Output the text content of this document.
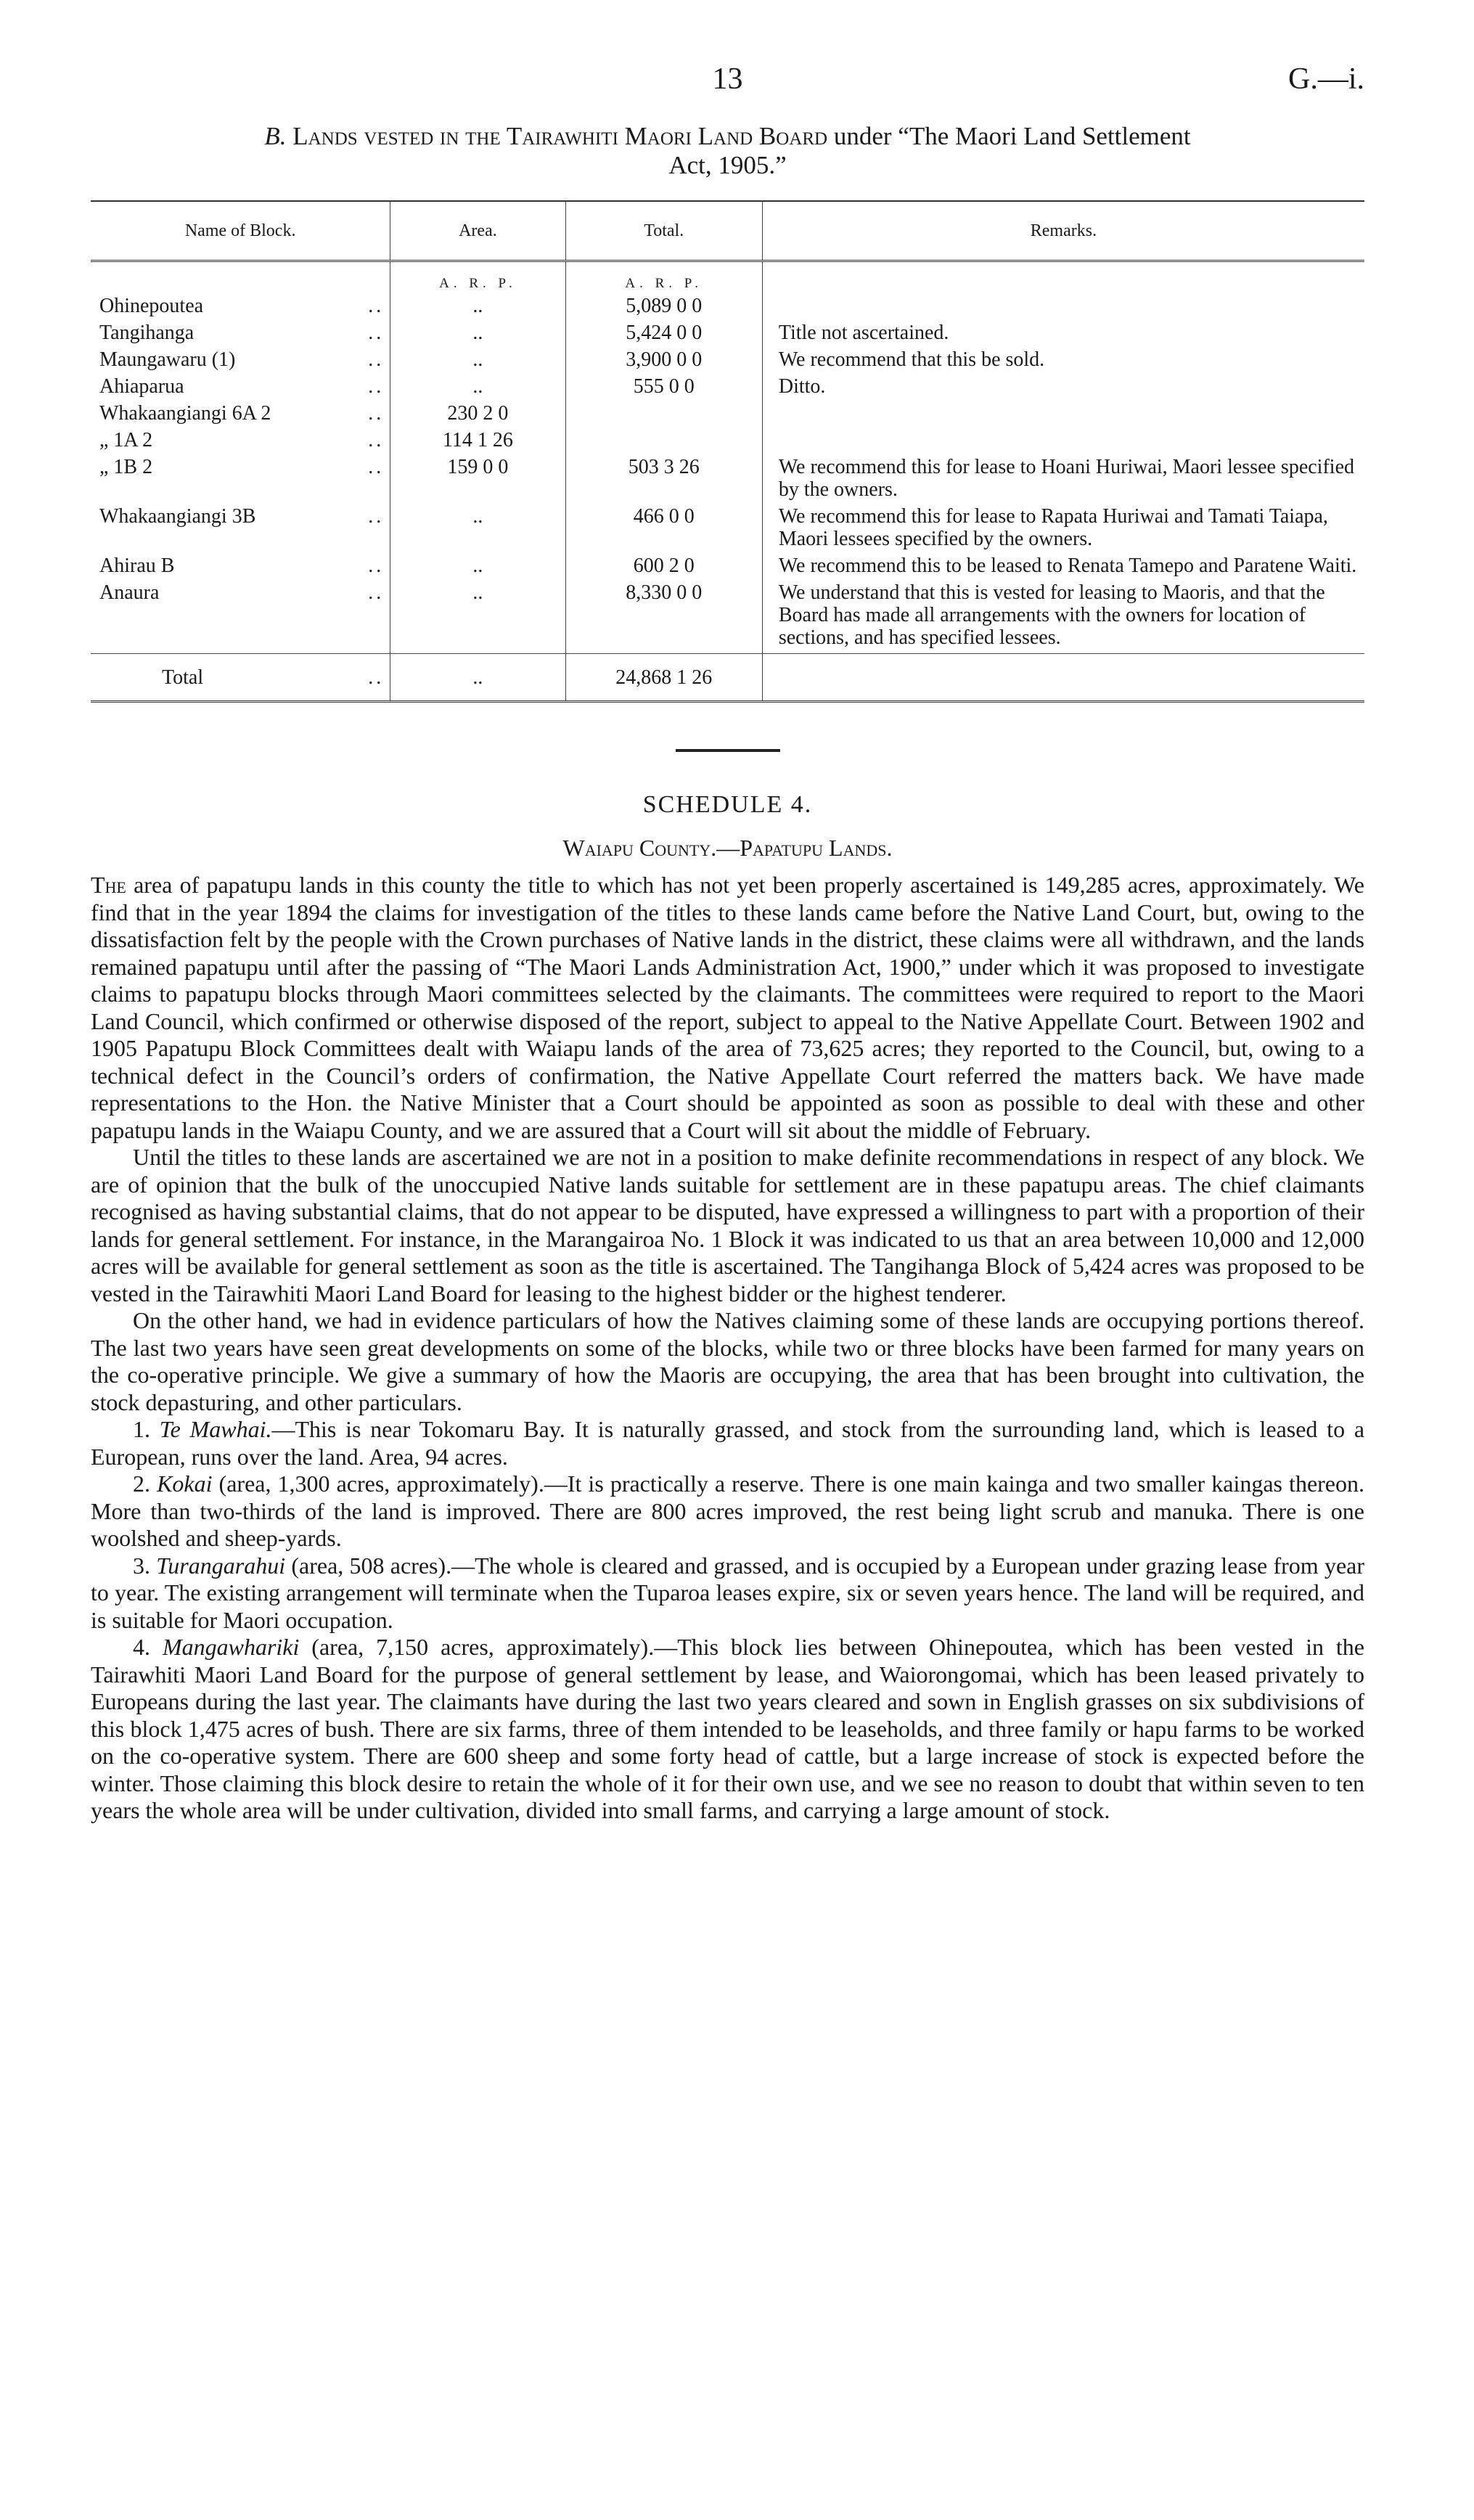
13	G.—i.
B. Lands vested in the Tairawhiti Maori Land Board under “The Maori Land Settlement
Act, 1905.”
Name of Block.	Area.	Total.	Remarks.
	A. R. P.	A. R. P.	

Ohinepoutea ..	..	5,089 0 0	

Tangihanga ..	..	5,424 0 0	Title not ascertained.

Maungawaru (1) ..	..	3,900 0 0	We recommend that this be sold.

Ahiaparua ..	..	555 0 0	Ditto.

Whakaangiangi 6A 2 ..	230 2 0		

„ 1A 2 ..	114 1 26		

„ 1B 2 ..	159 0 0	503 3 26	We recommend this for lease to Hoani Huriwai, Maori lessee specified by the owners.

Whakaangiangi 3B ..	..	466 0 0	We recommend this for lease to Rapata Huriwai and Tamati Taiapa, Maori lessees specified by the owners.

Ahirau B ..	..	600 2 0	We recommend this to be leased to Renata Tamepo and Paratene Waiti.

Anaura ..	..	8,330 0 0	We understand that this is vested for leasing to Maoris, and that the Board has made all arrangements with the owners for location of sections, and has specified lessees.

Total ..	..	24,868 1 26	
SCHEDULE 4.
Waiapu County.—Papatupu Lands.

The area of papatupu lands in this county the title to which has not yet been properly ascertained is 149,285 acres, approximately. We find that in the year 1894 the claims for investigation of the titles to these lands came before the Native Land Court, but, owing to the dissatisfaction felt by the people with the Crown purchases of Native lands in the district, these claims were all withdrawn, and the lands remained papatupu until after the passing of “The Maori Lands Administration Act, 1900,” under which it was proposed to investigate claims to papatupu blocks through Maori committees selected by the claimants. The committees were required to report to the Maori Land Council, which confirmed or otherwise disposed of the report, subject to appeal to the Native Appellate Court. Between 1902 and 1905 Papatupu Block Committees dealt with Waiapu lands of the area of 73,625 acres; they reported to the Council, but, owing to a technical defect in the Council’s orders of confirmation, the Native Appellate Court referred the matters back. We have made representations to the Hon. the Native Minister that a Court should be appointed as soon as possible to deal with these and other papatupu lands in the Waiapu County, and we are assured that a Court will sit about the middle of February.

Until the titles to these lands are ascertained we are not in a position to make definite recommendations in respect of any block. We are of opinion that the bulk of the unoccupied Native lands suitable for settlement are in these papatupu areas. The chief claimants recognised as having substantial claims, that do not appear to be disputed, have expressed a willingness to part with a proportion of their lands for general settlement. For instance, in the Marangairoa No. 1 Block it was indicated to us that an area between 10,000 and 12,000 acres will be available for general settlement as soon as the title is ascertained. The Tangihanga Block of 5,424 acres was proposed to be vested in the Tairawhiti Maori Land Board for leasing to the highest bidder or the highest tenderer.

On the other hand, we had in evidence particulars of how the Natives claiming some of these lands are occupying portions thereof. The last two years have seen great developments on some of the blocks, while two or three blocks have been farmed for many years on the co-operative principle. We give a summary of how the Maoris are occupying, the area that has been brought into cultivation, the stock depasturing, and other particulars.

1. Te Mawhai.—This is near Tokomaru Bay. It is naturally grassed, and stock from the surrounding land, which is leased to a European, runs over the land. Area, 94 acres.

2. Kokai (area, 1,300 acres, approximately).—It is practically a reserve. There is one main kainga and two smaller kaingas thereon. More than two-thirds of the land is improved. There are 800 acres improved, the rest being light scrub and manuka. There is one woolshed and sheep-yards.

3. Turangarahui (area, 508 acres).—The whole is cleared and grassed, and is occupied by a European under grazing lease from year to year. The existing arrangement will terminate when the Tuparoa leases expire, six or seven years hence. The land will be required, and is suitable for Maori occupation.

4. Mangawhariki (area, 7,150 acres, approximately).—This block lies between Ohinepoutea, which has been vested in the Tairawhiti Maori Land Board for the purpose of general settlement by lease, and Waiorongomai, which has been leased privately to Europeans during the last year. The claimants have during the last two years cleared and sown in English grasses on six subdivisions of this block 1,475 acres of bush. There are six farms, three of them intended to be leaseholds, and three family or hapu farms to be worked on the co-operative system. There are 600 sheep and some forty head of cattle, but a large increase of stock is expected before the winter. Those claiming this block desire to retain the whole of it for their own use, and we see no reason to doubt that within seven to ten years the whole area will be under cultivation, divided into small farms, and carrying a large amount of stock.
